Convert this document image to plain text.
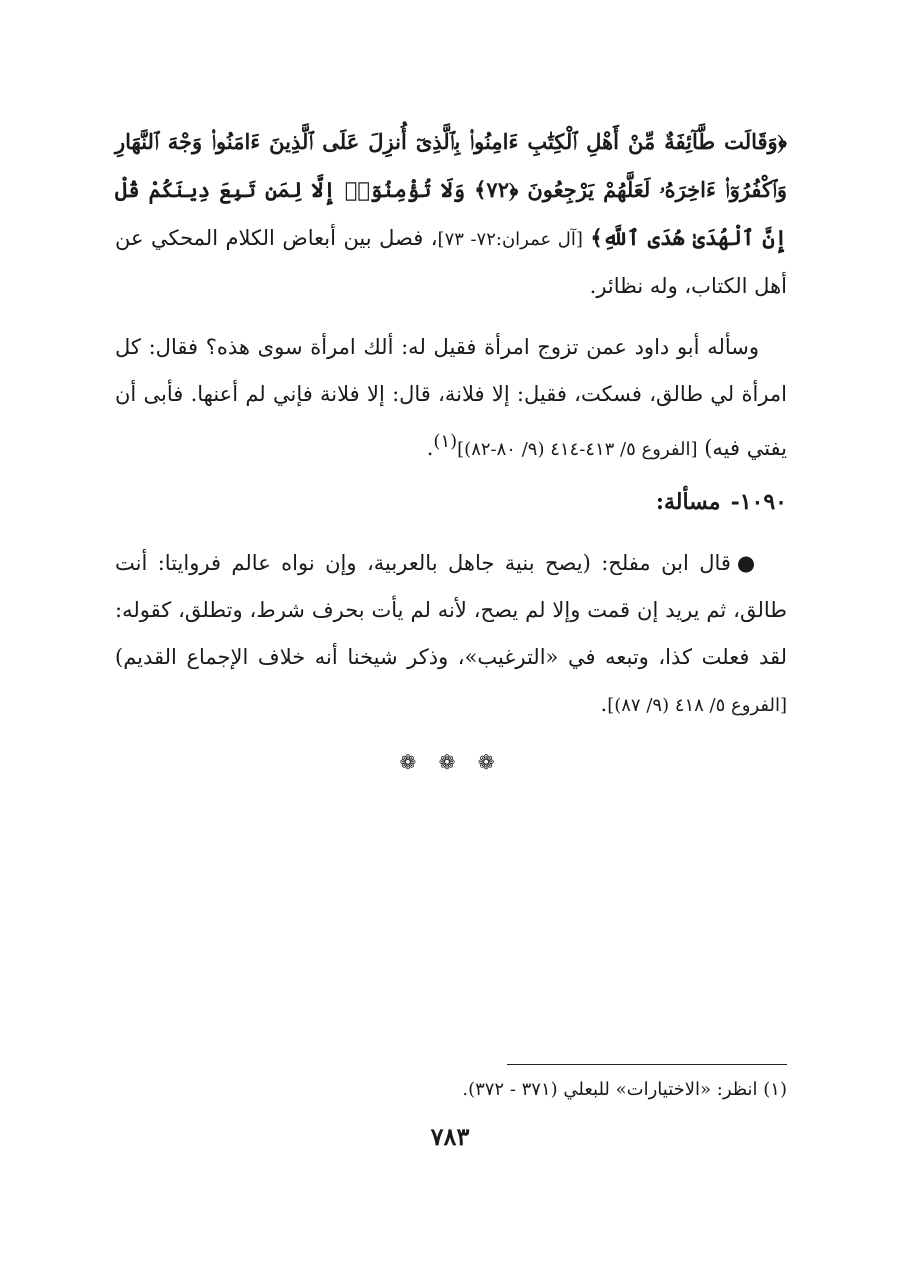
﴿وَقَالَت طَّآئِفَةٌ مِّنْ أَهْلِ ٱلْكِتَٰبِ ءَامِنُوا۟ بِٱلَّذِىٓ أُنزِلَ عَلَى ٱلَّذِينَ ءَامَنُوا۟ وَجْهَ ٱلنَّهَارِ وَٱكْفُرُوٓا۟ ءَاخِرَهُۥ لَعَلَّهُمْ يَرْجِعُونَ ﴿٧٢﴾ وَلَا تُؤْمِنُوٓا۟ إِلَّا لِمَن تَبِعَ دِينَكُمْ قُلْ إِنَّ ٱلْهُدَىٰ هُدَى ٱللَّهِ﴾ [آل عمران:٧٢- ٧٣]، فصل بين أبعاض الكلام المحكي عن أهل الكتاب، وله نظائر.

وسأله أبو داود عمن تزوج امرأة فقيل له: ألك امرأة سوى هذه؟ فقال: كل امرأة لي طالق، فسكت، فقيل: إلا فلانة، قال: إلا فلانة فإني لم أعنها. فأبى أن يفتي فيه) [الفروع ٥/ ٤١٣-٤١٤ (٩/ ٨٠-٨٢)]$^{(١)}$.

١٠٩٠-مسألة:

●قال ابن مفلح: (يصح بنية جاهل بالعربية، وإن نواه عالم فروايتا: أنت طالق، ثم يريد إن قمت وإلا لم يصح، لأنه لم يأت بحرف شرط، وتطلق، كقوله: لقد فعلت كذا، وتبعه في «الترغيب»، وذكر شيخنا أنه خلاف الإجماع القديم) [الفروع ٥/ ٤١٨ (٩/ ٨٧)].

❁ ❁ ❁
(١) انظر: «الاختيارات» للبعلي (٣٧١ - ٣٧٢).
٧٨٣
